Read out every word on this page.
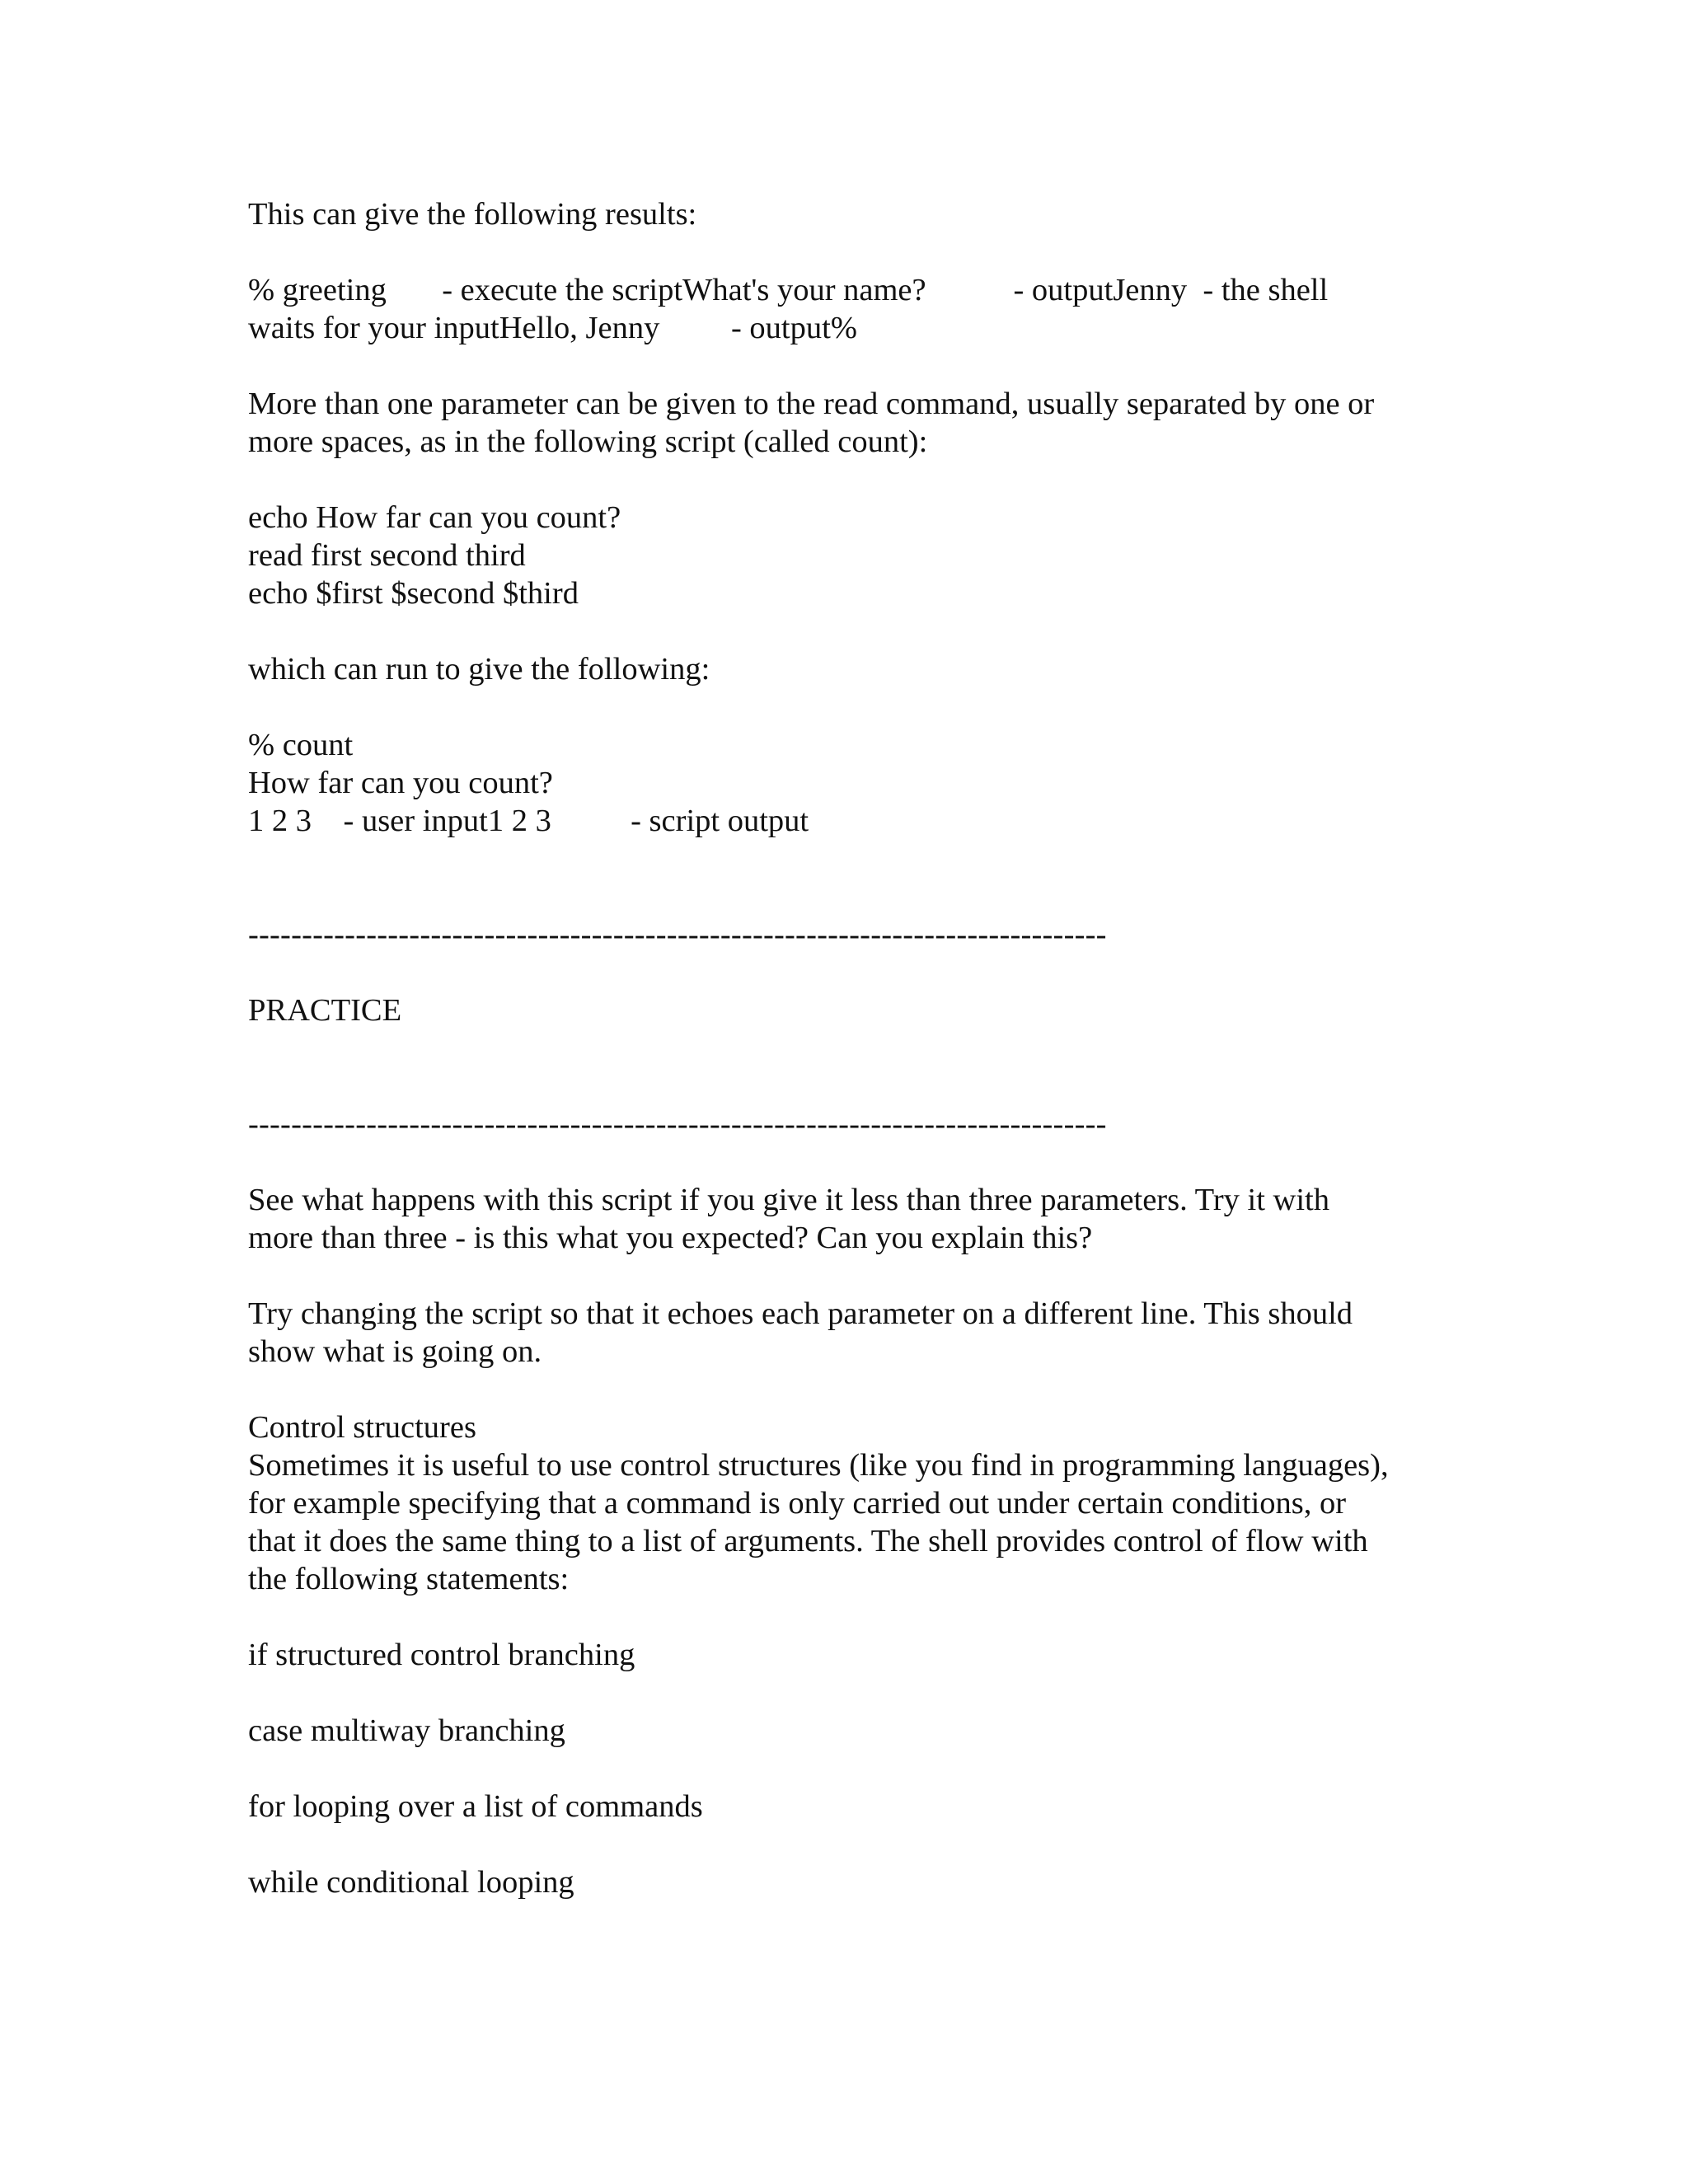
This can give the following results:
% greeting       - execute the scriptWhat's your name?           - outputJenny  - the shell
waits for your inputHello, Jenny         - output%
More than one parameter can be given to the read command, usually separated by one or
more spaces, as in the following script (called count):
echo How far can you count?
read first second third
echo $first $second $third
which can run to give the following:
% count
How far can you count?
1 2 3    - user input1 2 3          - script output
--------------------------------------------------------------------------------
PRACTICE
--------------------------------------------------------------------------------
See what happens with this script if you give it less than three parameters. Try it with
more than three - is this what you expected? Can you explain this?
Try changing the script so that it echoes each parameter on a different line. This should
show what is going on.
Control structures
Sometimes it is useful to use control structures (like you find in programming languages),
for example specifying that a command is only carried out under certain conditions, or
that it does the same thing to a list of arguments. The shell provides control of flow with
the following statements:
if structured control branching
case multiway branching
for looping over a list of commands
while conditional looping
